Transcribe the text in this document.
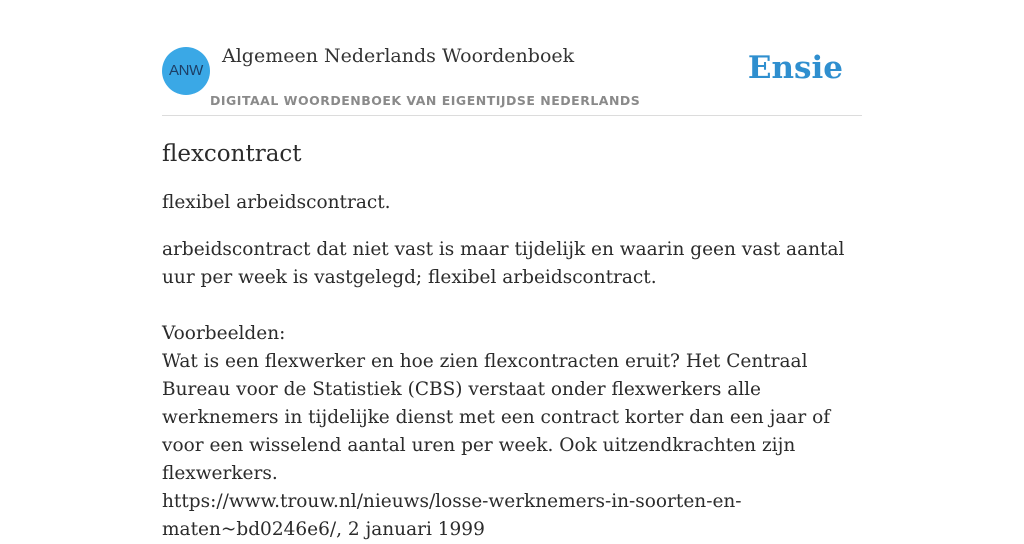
ANW
Algemeen Nederlands Woordenboek
DIGITAAL WOORDENBOEK VAN EIGENTIJDSE NEDERLANDS
Ensie
flexcontract

flexibel arbeidscontract.

arbeidscontract dat niet vast is maar tijdelijk en waarin geen vast aantal uur per week is vastgelegd; flexibel arbeidscontract.

Voorbeelden:

Wat is een flexwerker en hoe zien flexcontracten eruit? Het Centraal Bureau voor de Statistiek (CBS) verstaat onder flexwerkers alle werknemers in tijdelijke dienst met een contract korter dan een jaar of voor een wisselend aantal uren per week. Ook uitzendkrachten zijn flexwerkers.

https://www.trouw.nl/nieuws/losse-werknemers-in-soorten-en-maten~bd0246e6/, 2 januari 1999
